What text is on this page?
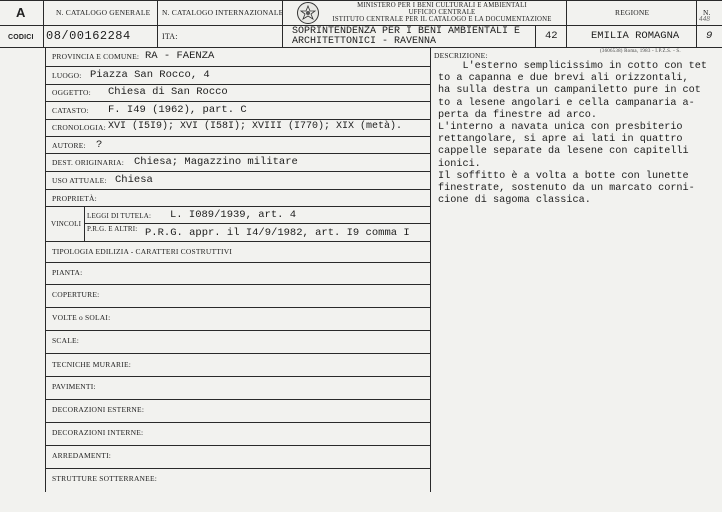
A
CODICI
N. CATALOGO GENERALE
08/00162284
N. CATALOGO INTERNAZIONALE
ITA:
MINISTERO PER I BENI CULTURALI E AMBIENTALI
UFFICIO CENTRALE
ISTITUTO CENTRALE PER IL CATALOGO E LA DOCUMENTAZIONE
SOPRINTENDENZA PER I BENI AMBIENTALI E
ARCHITETTONICI - RAVENNA	42
REGIONE
EMILIA ROMAGNA
N.
9
448
PROVINCIA E COMUNE: RA - FAENZA
LUOGO: Piazza San Rocco, 4
OGGETTO: Chiesa di San Rocco
CATASTO: F. I49 (1962), part. C
CRONOLOGIA: XVI (I5I9); XVI (I58I); XVIII (I770); XIX (metà).
AUTORE: ?
DEST. ORIGINARIA: Chiesa; Magazzino militare
USO ATTUALE: Chiesa
PROPRIETÀ:
VINCOLI
LEGGI DI TUTELA: L. I089/1939, art. 4
P.R.G. E ALTRI: P.R.G. appr. il I4/9/1982, art. I9 comma I
TIPOLOGIA EDILIZIA - CARATTERI COSTRUTTIVI
PIANTA:
COPERTURE:
VOLTE o SOLAI:
SCALE:
TECNICHE MURARIE:
PAVIMENTI:
DECORAZIONI ESTERNE:
DECORAZIONI INTERNE:
ARREDAMENTI:
STRUTTURE SOTTERRANEE:
DESCRIZIONE:	(3606538) Roma, 1983 - I.P.Z.S. - S.
L'esterno semplicissimo in cotto con tet
to a capanna e due brevi ali orizzontali,
ha sulla destra un campaniletto pure in cot
to a lesene angolari e cella campanaria a-
perta da finestre ad arco.
L'interno a navata unica con presbiterio
rettangolare, si apre ai lati in quattro
cappelle separate da lesene con capitelli
ionici.
Il soffitto è a volta a botte con lunette
finestrate, sostenuto da un marcato corni-
cione di sagoma classica.
